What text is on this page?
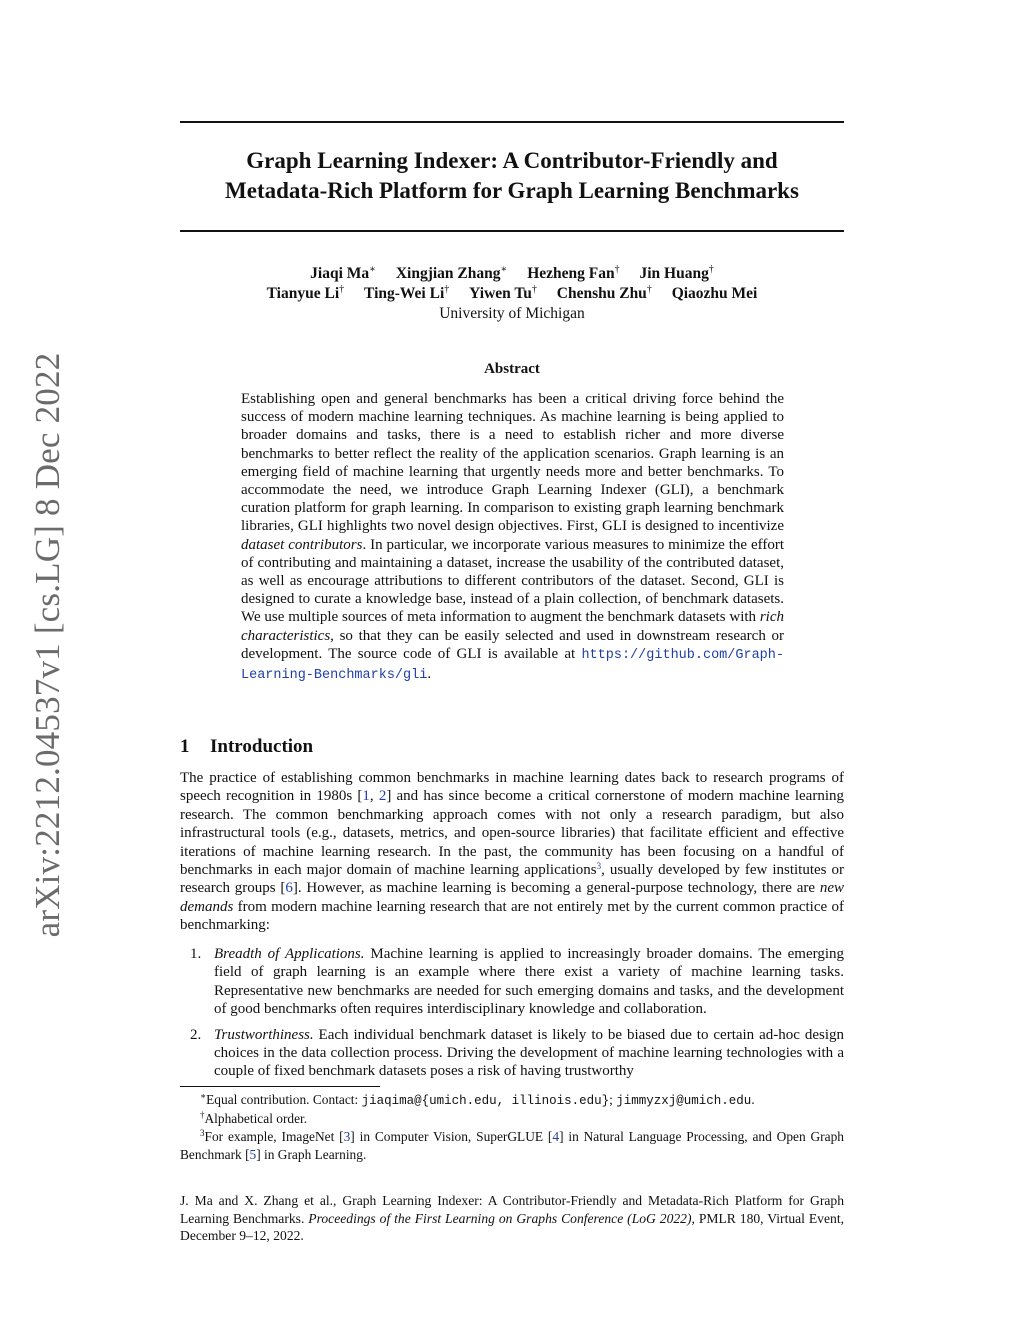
arXiv:2212.04537v1 [cs.LG] 8 Dec 2022
Graph Learning Indexer: A Contributor-Friendly and
Metadata-Rich Platform for Graph Learning Benchmarks
Jiaqi Ma∗ Xingjian Zhang∗ Hezheng Fan† Jin Huang†
Tianyue Li† Ting-Wei Li† Yiwen Tu† Chenshu Zhu† Qiaozhu Mei
University of Michigan
Abstract
Establishing open and general benchmarks has been a critical driving force behind the success of modern machine learning techniques. As machine learning is being applied to broader domains and tasks, there is a need to establish richer and more diverse benchmarks to better reflect the reality of the application scenarios. Graph learning is an emerging field of machine learning that urgently needs more and better benchmarks. To accommodate the need, we introduce Graph Learning Indexer (GLI), a benchmark curation platform for graph learning. In comparison to existing graph learning benchmark libraries, GLI highlights two novel design objectives. First, GLI is designed to incentivize dataset contributors. In particular, we incorporate various measures to minimize the effort of contributing and maintaining a dataset, increase the usability of the contributed dataset, as well as encourage attributions to different contributors of the dataset. Second, GLI is designed to curate a knowledge base, instead of a plain collection, of benchmark datasets. We use multiple sources of meta information to augment the benchmark datasets with rich characteristics, so that they can be easily selected and used in downstream research or development. The source code of GLI is available at https://github.com/Graph-Learning-Benchmarks/gli.
1 Introduction
The practice of establishing common benchmarks in machine learning dates back to research programs of speech recognition in 1980s [1, 2] and has since become a critical cornerstone of modern machine learning research. The common benchmarking approach comes with not only a research paradigm, but also infrastructural tools (e.g., datasets, metrics, and open-source libraries) that facilitate efficient and effective iterations of machine learning research. In the past, the community has been focusing on a handful of benchmarks in each major domain of machine learning applications$^3$, usually developed by few institutes or research groups [6]. However, as machine learning is becoming a general-purpose technology, there are new demands from modern machine learning research that are not entirely met by the current common practice of benchmarking:
1. Breadth of Applications. Machine learning is applied to increasingly broader domains. The emerging field of graph learning is an example where there exist a variety of machine learning tasks. Representative new benchmarks are needed for such emerging domains and tasks, and the development of good benchmarks often requires interdisciplinary knowledge and collaboration.
2. Trustworthiness. Each individual benchmark dataset is likely to be biased due to certain ad-hoc design choices in the data collection process. Driving the development of machine learning technologies with a couple of fixed benchmark datasets poses a risk of having trustworthy
∗Equal contribution. Contact: jiaqima@{umich.edu, illinois.edu}; jimmyzxj@umich.edu.
†Alphabetical order.
$^3$For example, ImageNet [3] in Computer Vision, SuperGLUE [4] in Natural Language Processing, and Open Graph Benchmark [5] in Graph Learning.
J. Ma and X. Zhang et al., Graph Learning Indexer: A Contributor-Friendly and Metadata-Rich Platform for Graph Learning Benchmarks. Proceedings of the First Learning on Graphs Conference (LoG 2022), PMLR 180, Virtual Event, December 9–12, 2022.
